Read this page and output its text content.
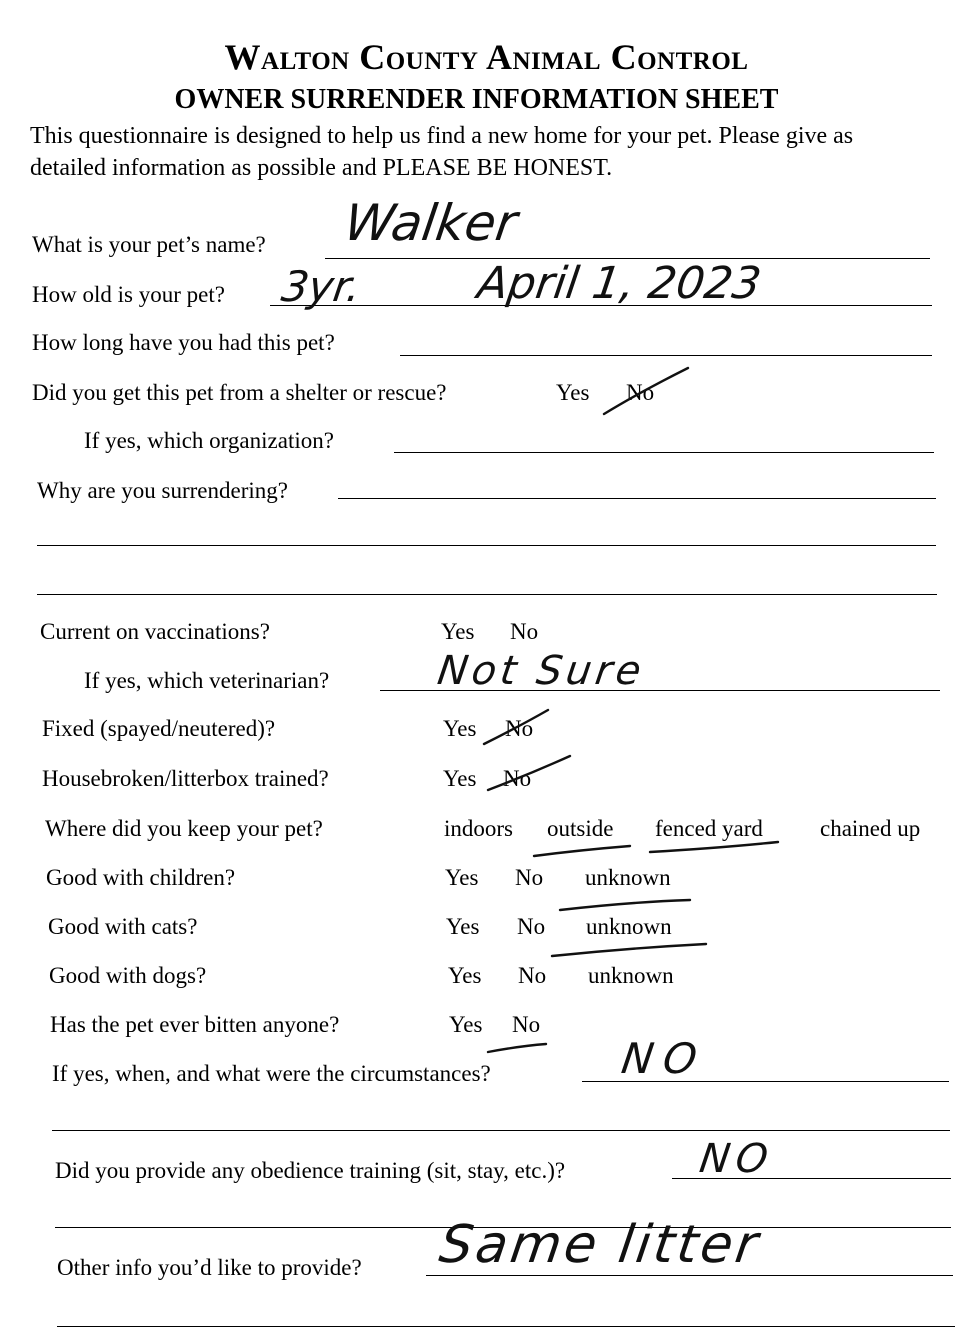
Walton County Animal Control
OWNER SURRENDER INFORMATION SHEET
This questionnaire is designed to help us find a new home for your pet. Please give as detailed information as possible and PLEASE BE HONEST.
What is your pet’s name? Walker
How old is your pet? 3yr.	April 1, 2023
How long have you had this pet?
Did you get this pet from a shelter or rescue?	Yes No
If yes, which organization?
Why are you surrendering?
Current on vaccinations?	Yes No
If yes, which veterinarian?	Not Sure
Fixed (spayed/neutered)?	Yes No
Housebroken/litterbox trained?	Yes No
Where did you keep your pet?	indoors outside fenced yard chained up
Good with children?	Yes No unknown
Good with cats?	Yes No unknown
Good with dogs?	Yes No unknown
Has the pet ever bitten anyone?	Yes No
If yes, when, and what were the circumstances?	NO
Did you provide any obedience training (sit, stay, etc.)?	NO
Other info you’d like to provide? Same litter
